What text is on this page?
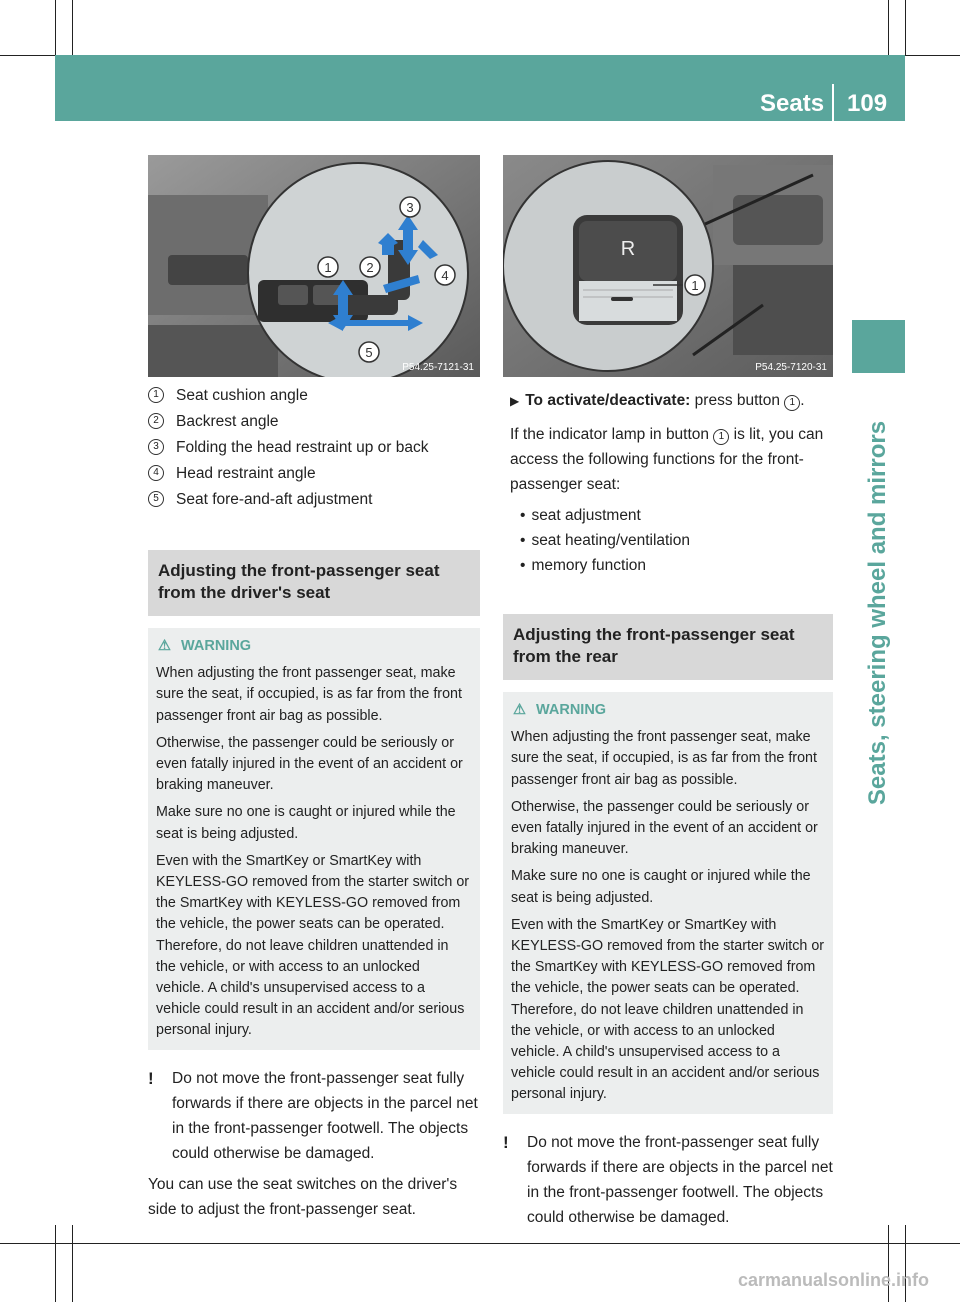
Seats 109
Seats, steering wheel and mirrors
3
1	2
4
5
P54.25-7121-31
R
1
P54.25-7120-31
1	Seat cushion angle
2	Backrest angle
3	Folding the head restraint up or back
4	Head restraint angle
5	Seat fore-and-aft adjustment
Adjusting the front-passenger seat from the driver's seat
⚠ WARNING

When adjusting the front passenger seat, make sure the seat, if occupied, is as far from the front passenger front air bag as possible.

Otherwise, the passenger could be seriously or even fatally injured in the event of an accident or braking maneuver.

Make sure no one is caught or injured while the seat is being adjusted.

Even with the SmartKey or SmartKey with KEYLESS-GO removed from the starter switch or the SmartKey with KEYLESS-GO removed from the vehicle, the power seats can be operated. Therefore, do not leave children unattended in the vehicle, or with access to an unlocked vehicle. A child's unsupervised access to a vehicle could result in an accident and/or serious personal injury.

!	Do not move the front-passenger seat fully forwards if there are objects in the parcel net in the front-passenger footwell. The objects could otherwise be damaged.
You can use the seat switches on the driver's side to adjust the front-passenger seat.
▶ To activate/deactivate: press button 1 .
If the indicator lamp in button 1 is lit, you can access the following functions for the front-passenger seat:
• seat adjustment
• seat heating/ventilation
• memory function
Adjusting the front-passenger seat from the rear
⚠ WARNING

When adjusting the front passenger seat, make sure the seat, if occupied, is as far from the front passenger front air bag as possible.

Otherwise, the passenger could be seriously or even fatally injured in the event of an accident or braking maneuver.

Make sure no one is caught or injured while the seat is being adjusted.

Even with the SmartKey or SmartKey with KEYLESS-GO removed from the starter switch or the SmartKey with KEYLESS-GO removed from the vehicle, the power seats can be operated. Therefore, do not leave children unattended in the vehicle, or with access to an unlocked vehicle. A child's unsupervised access to a vehicle could result in an accident and/or serious personal injury.

!	Do not move the front-passenger seat fully forwards if there are objects in the parcel net in the front-passenger footwell. The objects could otherwise be damaged.
carmanualsonline.info
